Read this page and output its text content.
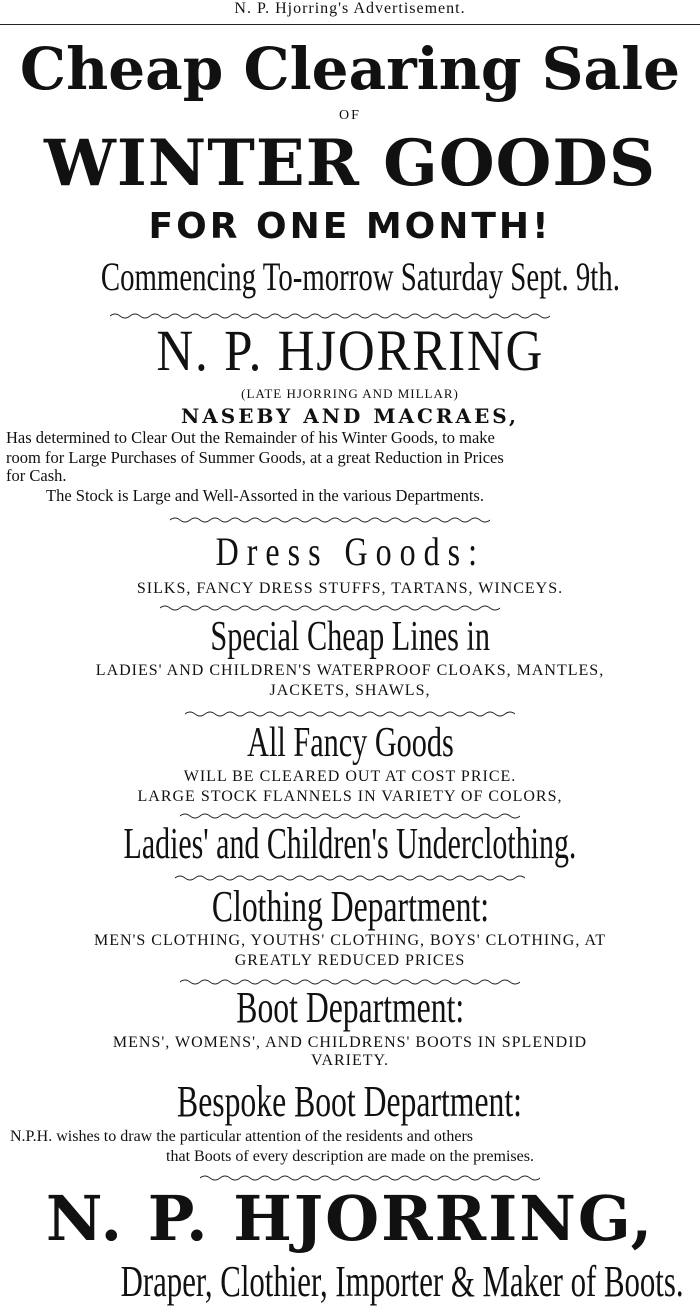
N. P. Hjorring's Advertisement.
Cheap Clearing Sale
OF
WINTER GOODS
FOR ONE MONTH!
Commencing To-morrow Saturday Sept. 9th.
N. P. HJORRING
(LATE HJORRING AND MILLAR)
NASEBY AND MACRAES,
Has determined to Clear Out the Remainder of his Winter Goods, to make
room for Large Purchases of Summer Goods, at a great Reduction in Prices
for Cash.
The Stock is Large and Well-Assorted in the various Departments.
Dress Goods:
SILKS, FANCY DRESS STUFFS, TARTANS, WINCEYS.
Special Cheap Lines in
LADIES' AND CHILDREN'S WATERPROOF CLOAKS, MANTLES,
JACKETS, SHAWLS,
All Fancy Goods
WILL BE CLEARED OUT AT COST PRICE.
LARGE STOCK FLANNELS IN VARIETY OF COLORS,
Ladies' and Children's Underclothing.
Clothing Department:
MEN'S CLOTHING, YOUTHS' CLOTHING, BOYS' CLOTHING, AT
GREATLY REDUCED PRICES
Boot Department:
MENS', WOMENS', AND CHILDRENS' BOOTS IN SPLENDID
VARIETY.
Bespoke Boot Department:
N.P.H. wishes to draw the particular attention of the residents and others
that Boots of every description are made on the premises.
N. P. HJORRING,
Draper, Clothier, Importer & Maker of Boots.
